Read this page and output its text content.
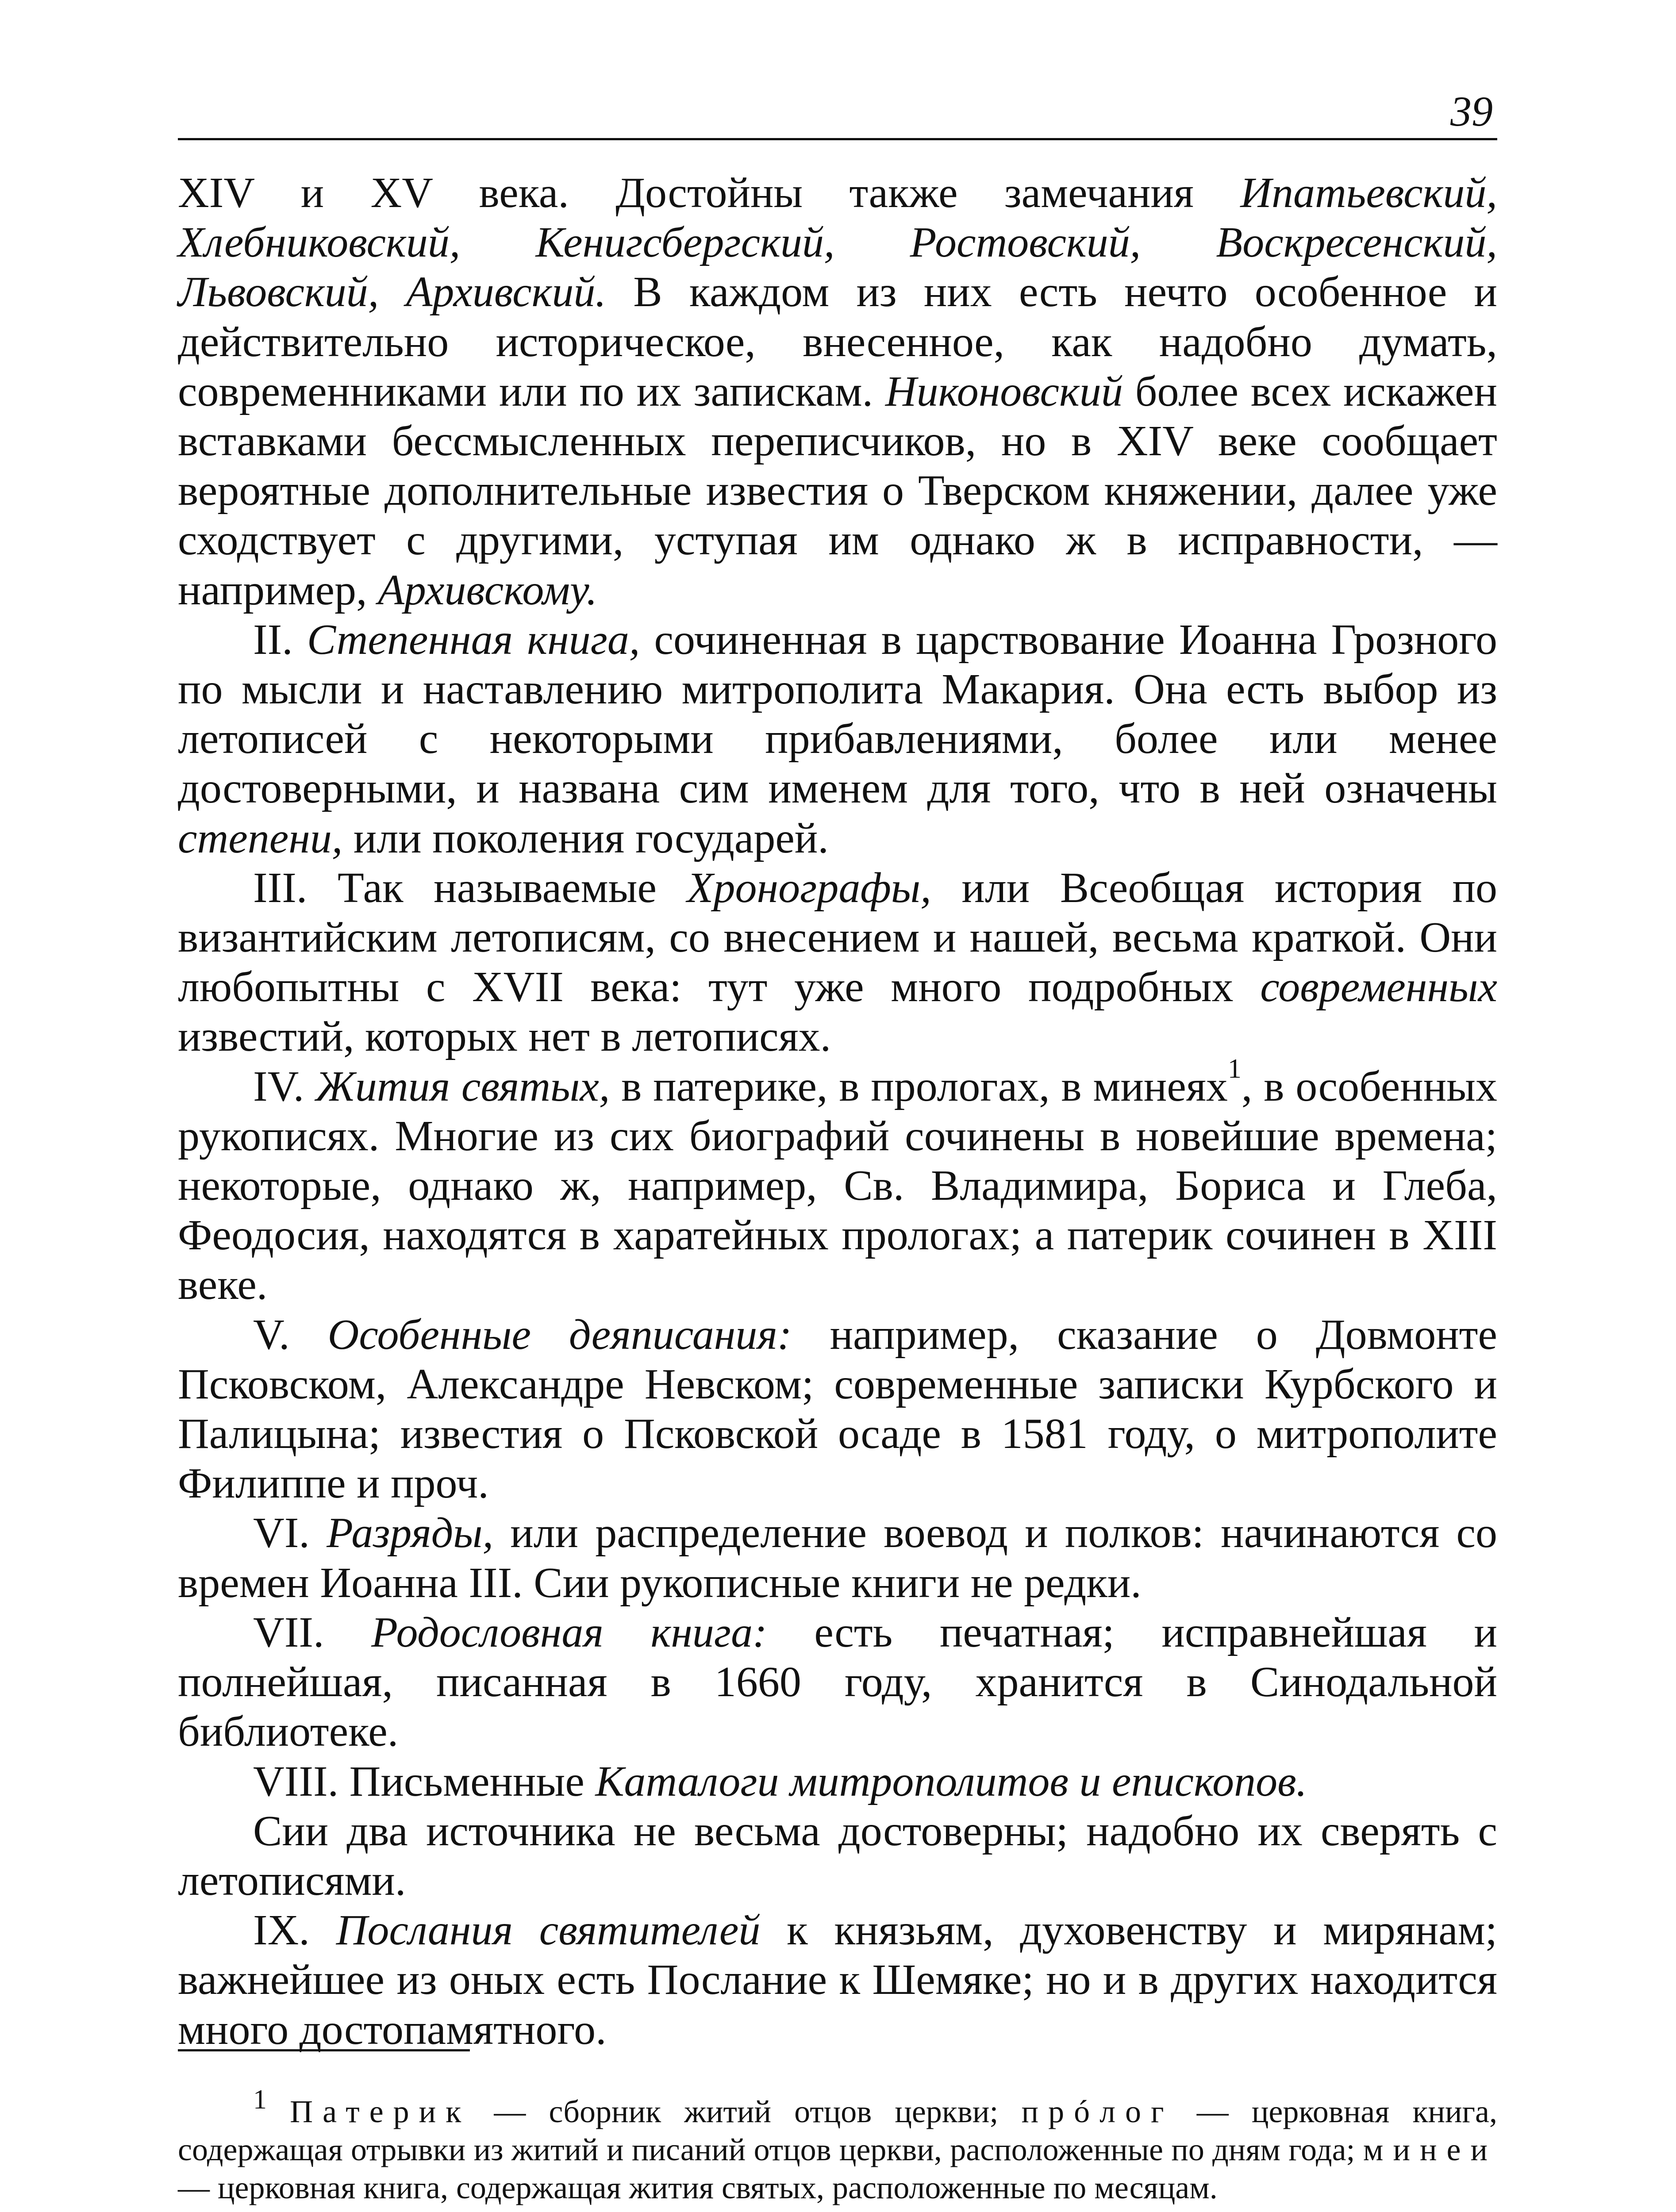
39

XIV и XV века. Достойны также замечания Ипатьевский, Хлебниковский, Кенигсбергский, Ростовский, Воскресенский, Львовский, Архивский. В каждом из них есть нечто особенное и действительно историческое, внесенное, как надобно думать, современниками или по их запискам. Никоновский более всех искажен вставками бессмысленных переписчиков, но в XIV веке сообщает вероятные дополнительные известия о Тверском княжении, далее уже сходствует с другими, уступая им однако ж в исправности, — например, Архивскому.

II. Степенная книга, сочиненная в царствование Иоанна Грозного по мысли и наставлению митрополита Макария. Она есть выбор из летописей с некоторыми прибавлениями, более или менее достоверными, и названа сим именем для того, что в ней означены степени, или поколения государей.

III. Так называемые Хронографы, или Всеобщая история по византийским летописям, со внесением и нашей, весьма краткой. Они любопытны с XVII века: тут уже много подробных современных известий, которых нет в летописях.

IV. Жития святых, в патерике, в прологах, в минеях$^1$, в особенных рукописях. Многие из сих биографий сочинены в новейшие времена; некоторые, однако ж, например, Св. Владимира, Бориса и Глеба, Феодосия, находятся в харатейных прологах; а патерик сочинен в XIII веке.

V. Особенные деяписания: например, сказание о Довмонте Псковском, Александре Невском; современные записки Курбского и Палицына; известия о Псковской осаде в 1581 году, о митрополите Филиппе и проч.

VI. Разряды, или распределение воевод и полков: начинаются со времен Иоанна III. Сии рукописные книги не редки.

VII. Родословная книга: есть печатная; исправнейшая и полнейшая, писанная в 1660 году, хранится в Синодальной библиотеке.

VIII. Письменные Каталоги митрополитов и епископов.

Сии два источника не весьма достоверны; надобно их сверять с летописями.

IX. Послания святителей к князьям, духовенству и мирянам; важнейшее из оных есть Послание к Шемяке; но и в других находится много достопамятного.

$^1$ Патерик — сборник житий отцов церкви; прóлог — церковная книга, содержащая отрывки из житий и писаний отцов церкви, расположенные по дням года; минеи — церковная книга, содержащая жития святых, расположенные по месяцам.
